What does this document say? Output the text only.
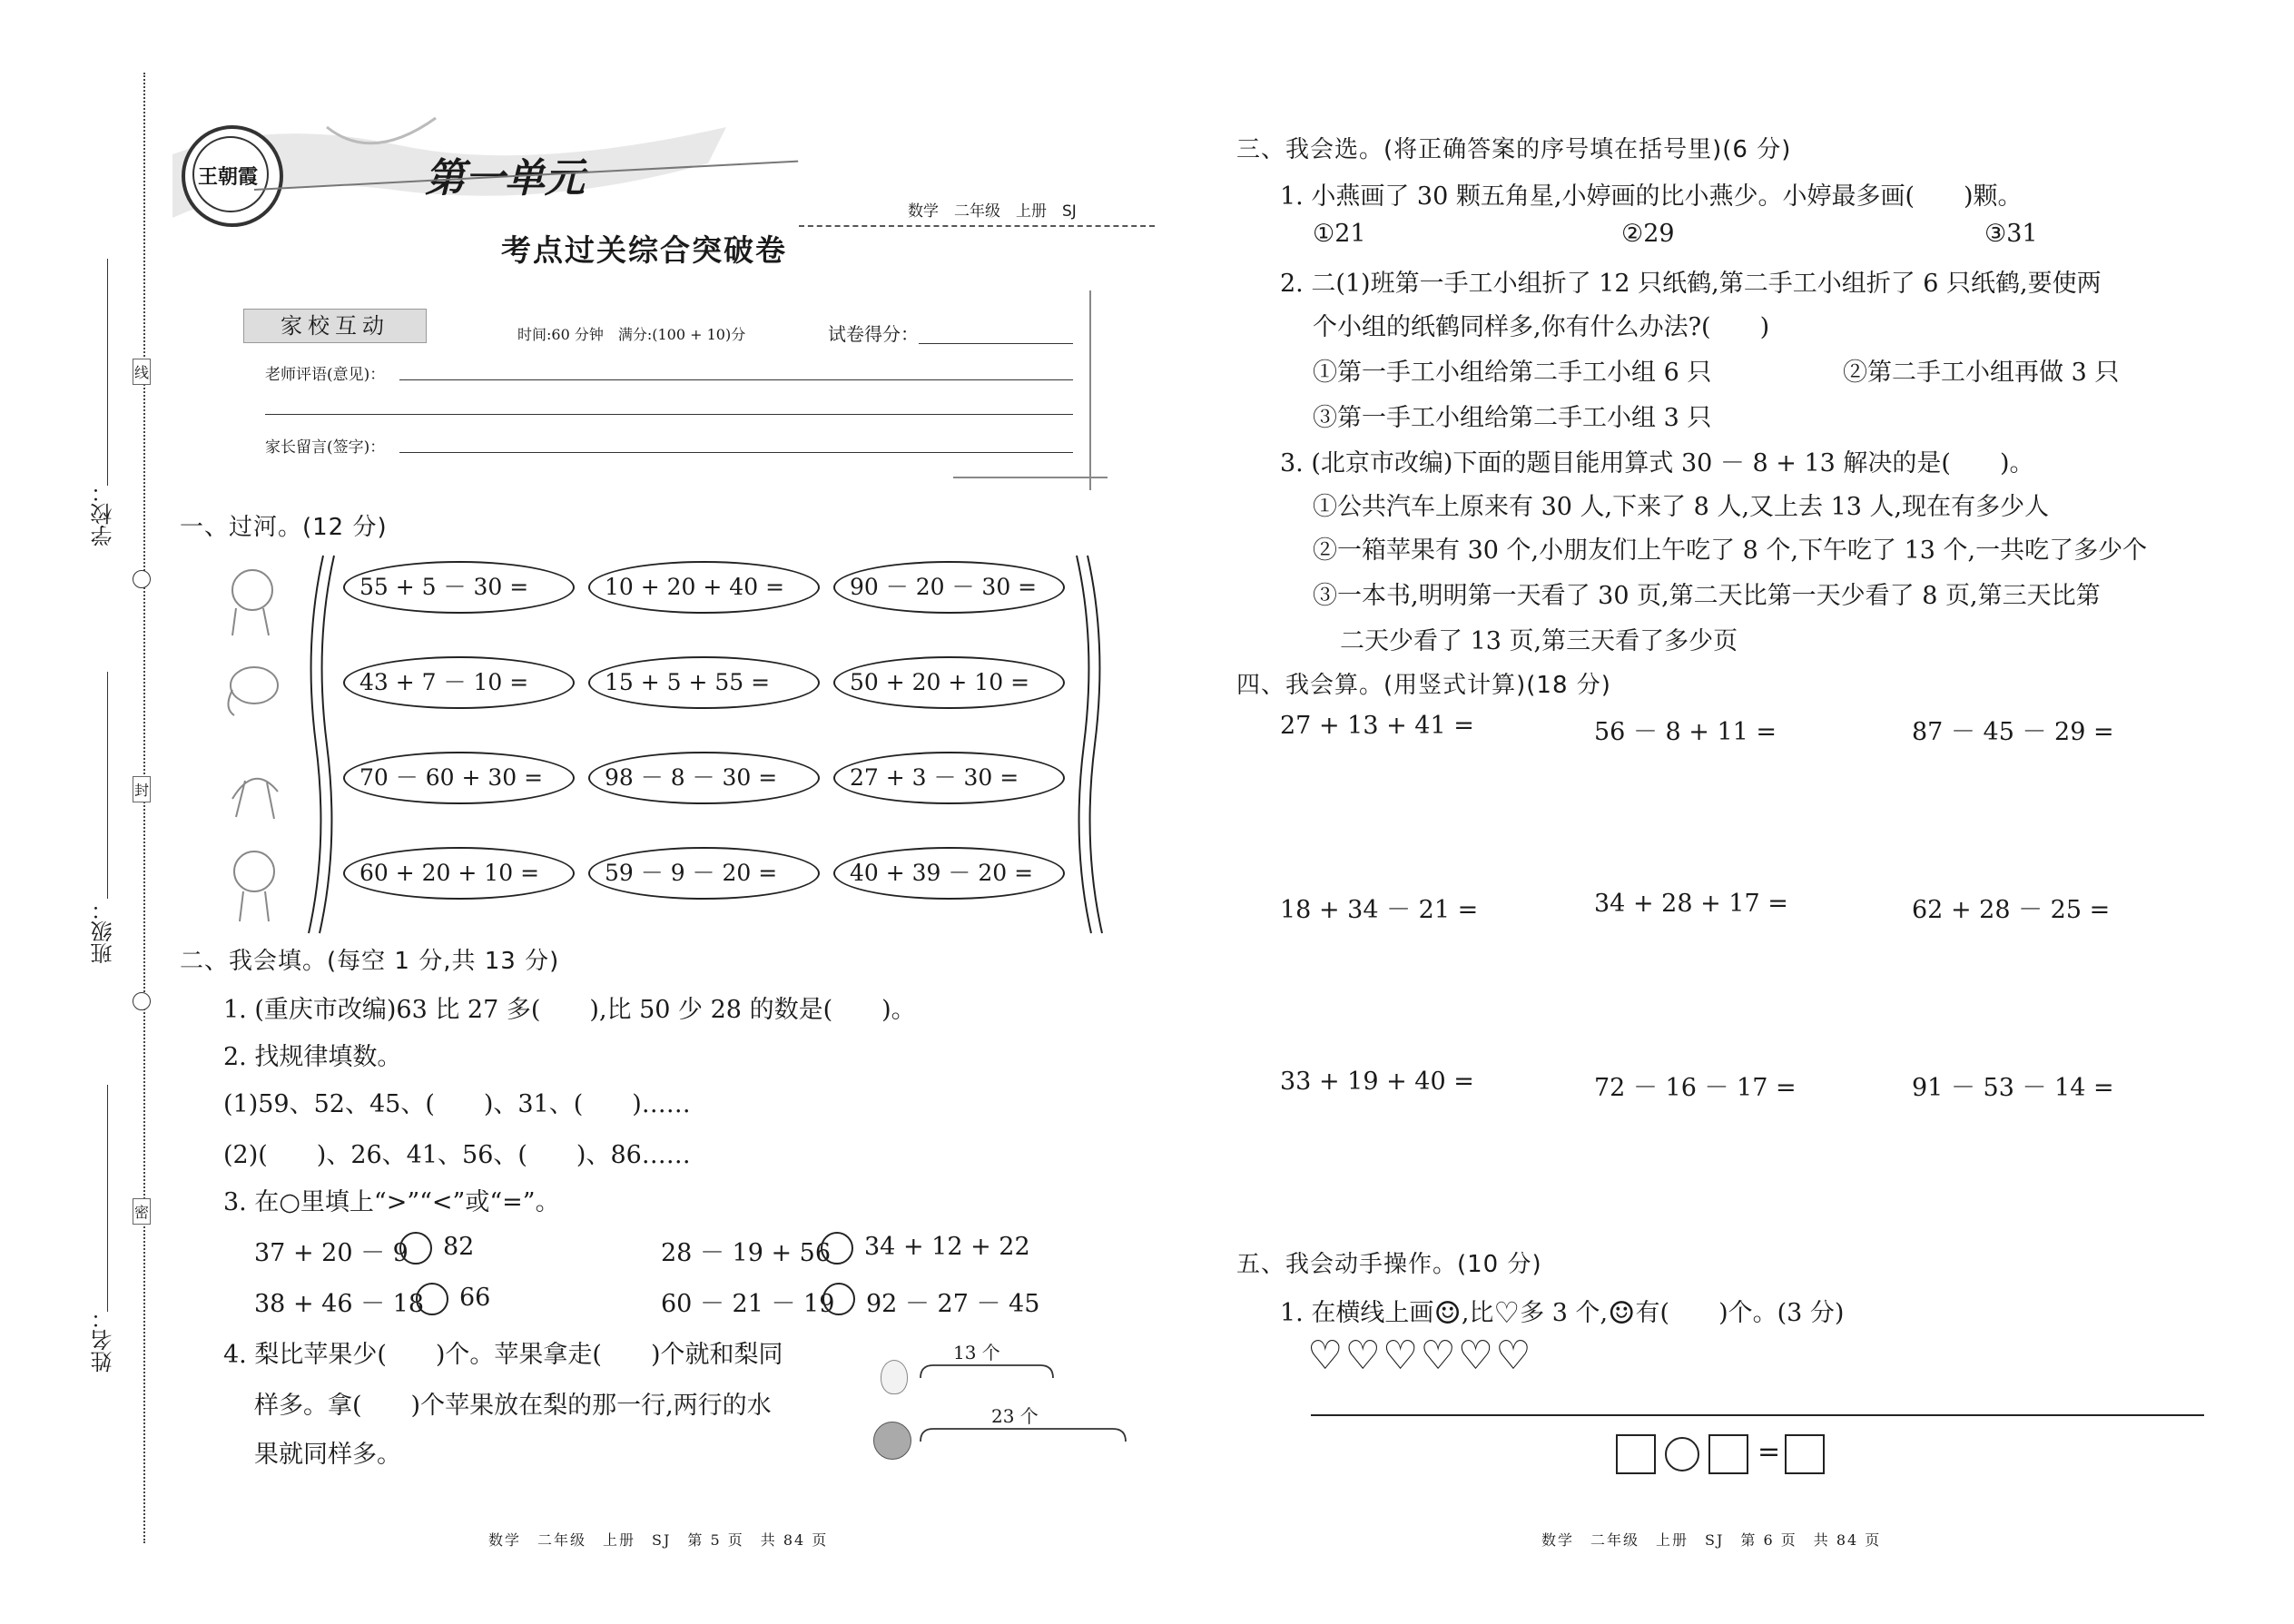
学校：
班级：
姓名：
线
封
密
王朝霞	第一单元
考点过关综合突破卷
数学　二年级　上册　SJ
家校互动	时间:60 分钟　满分:(100 + 10)分	试卷得分：
老师评语(意见)：
家长留言(签字)：
一、过河。(12 分)
55 + 5 － 30 =	10 + 20 + 40 =	90 － 20 － 30 =
43 + 7 － 10 =	15 + 5 + 55 =	50 + 20 + 10 =
70 － 60 + 30 =	98 － 8 － 30 =	27 + 3 － 30 =
60 + 20 + 10 =	59 － 9 － 20 =	40 + 39 － 20 =
二、我会填。(每空 1 分,共 13 分)
1. (重庆市改编)63 比 27 多(　　),比 50 少 28 的数是(　　)。
2. 找规律填数。
(1)59、52、45、(　　)、31、(　　)……
(2)(　　)、26、41、56、(　　)、86……
3. 在○里填上“>”“<”或“=”。
37 + 20 － 9 82	28 － 19 + 56 34 + 12 + 22
38 + 46 － 18 66	60 － 21 － 19 92 － 27 － 45
4. 梨比苹果少(　　)个。苹果拿走(　　)个就和梨同
样多。拿(　　)个苹果放在梨的那一行,两行的水
果就同样多。
13 个
23 个
数学　二年级　上册　SJ　第 5 页　共 84 页
三、我会选。(将正确答案的序号填在括号里)(6 分)
1. 小燕画了 30 颗五角星,小婷画的比小燕少。小婷最多画(　　)颗。
①21	②29	③31
2. 二(1)班第一手工小组折了 12 只纸鹤,第二手工小组折了 6 只纸鹤,要使两
个小组的纸鹤同样多,你有什么办法?(　　)
①第一手工小组给第二手工小组 6 只	②第二手工小组再做 3 只
③第一手工小组给第二手工小组 3 只
3. (北京市改编)下面的题目能用算式 30 － 8 + 13 解决的是(　　)。
①公共汽车上原来有 30 人,下来了 8 人,又上去 13 人,现在有多少人
②一箱苹果有 30 个,小朋友们上午吃了 8 个,下午吃了 13 个,一共吃了多少个
③一本书,明明第一天看了 30 页,第二天比第一天少看了 8 页,第三天比第
二天少看了 13 页,第三天看了多少页
四、我会算。(用竖式计算)(18 分)
27 + 13 + 41 =	56 － 8 + 11 =	87 － 45 － 29 =
18 + 34 － 21 =	34 + 28 + 17 =	62 + 28 － 25 =
33 + 19 + 40 =	72 － 16 － 17 =	91 － 53 － 14 =
五、我会动手操作。(10 分)
1. 在横线上画☺,比♡多 3 个,☺有(　　)个。(3 分)
♡♡♡♡♡♡
=
数学　二年级　上册　SJ　第 6 页　共 84 页
